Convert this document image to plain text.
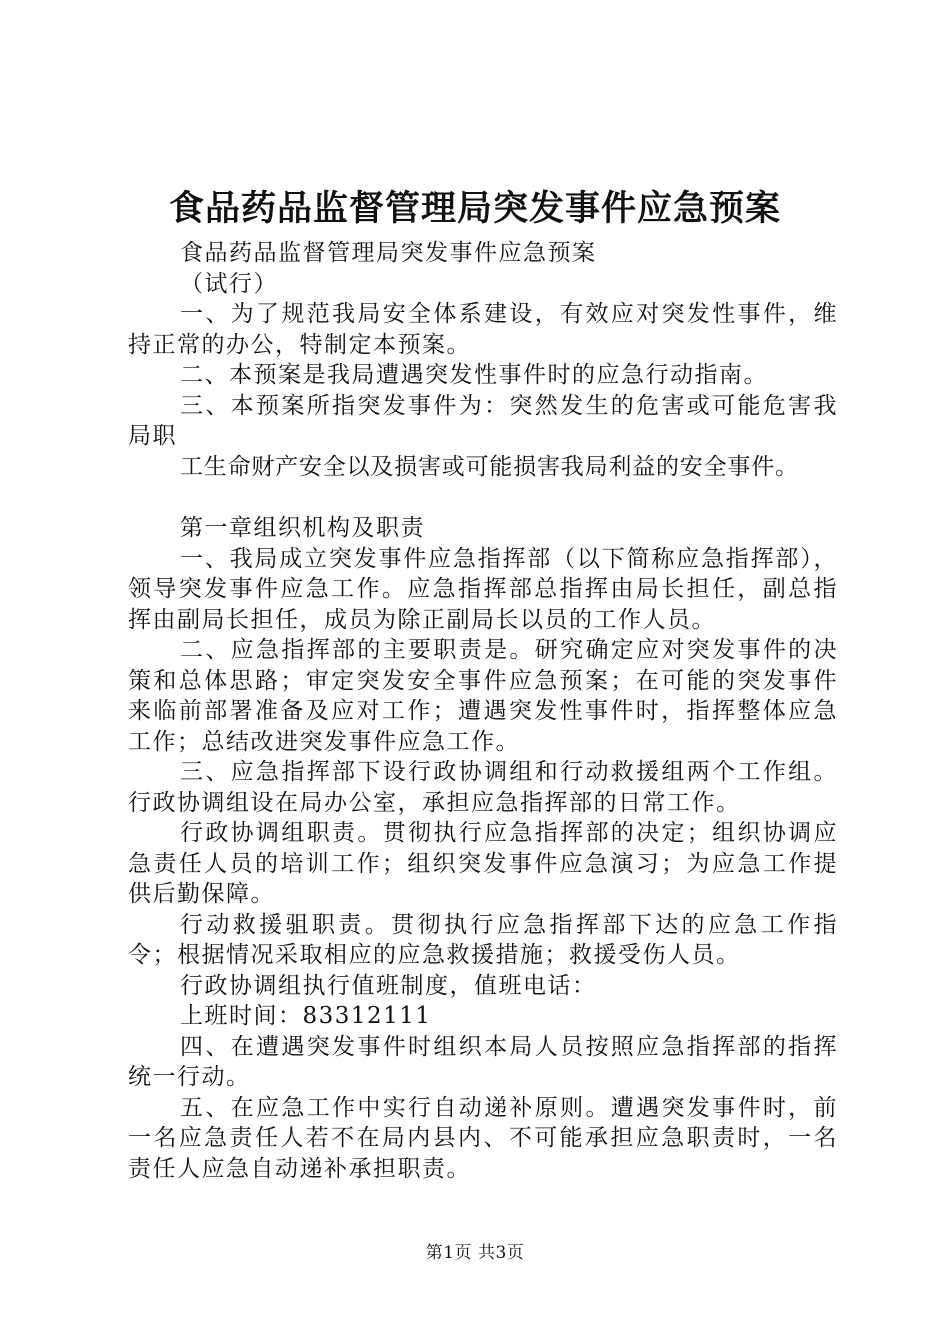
食品药品监督管理局突发事件应急预案

食品药品监督管理局突发事件应急预案

（试行）

一、为了规范我局安全体系建设，有效应对突发性事件，维持正常的办公，特制定本预案。

二、本预案是我局遭遇突发性事件时的应急行动指南。

三、本预案所指突发事件为：突然发生的危害或可能危害我局职

工生命财产安全以及损害或可能损害我局利益的安全事件。

第一章组织机构及职责

一、我局成立突发事件应急指挥部（以下简称应急指挥部），领导突发事件应急工作。应急指挥部总指挥由局长担任，副总指挥由副局长担任，成员为除正副局长以员的工作人员。

二、应急指挥部的主要职责是。研究确定应对突发事件的决策和总体思路；审定突发安全事件应急预案；在可能的突发事件来临前部署准备及应对工作；遭遇突发性事件时，指挥整体应急工作；总结改进突发事件应急工作。

三、应急指挥部下设行政协调组和行动救援组两个工作组。行政协调组设在局办公室，承担应急指挥部的日常工作。

行政协调组职责。贯彻执行应急指挥部的决定；组织协调应急责任人员的培训工作；组织突发事件应急演习；为应急工作提供后勤保障。

行动救援驵职责。贯彻执行应急指挥部下达的应急工作指令；根据情况采取相应的应急救援措施；救援受伤人员。

行政协调组执行值班制度，值班电话：

上班时间：83312111

四、在遭遇突发事件时组织本局人员按照应急指挥部的指挥统一行动。

五、在应急工作中实行自动递补原则。遭遇突发事件时，前一名应急责任人若不在局内县内、不可能承担应急职责时，一名责任人应急自动递补承担职责。

第1页 共3页
